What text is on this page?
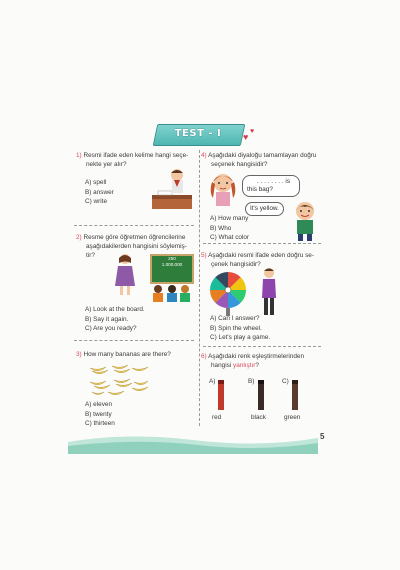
TEST - I	♥
♥
1) Resmi ifade eden kelime hangi seçe-
nekte yer alır?
A) spell
B) answer
C) write
2) Resme göre öğretmen öğrencilerine
aşağıdakilerden hangisini söylemiş-
tir?	250
1.000.000
A) Look at the board.
B) Say it again.
C) Are you ready?
3) How many bananas are there?
A) eleven
B) twenty
C) thirteen
4) Aşağıdaki diyaloğu tamamlayan doğru
seçenek hangisidir?
. . . . . . . . is
this bag?
It's yellow.
A) How many
B) Who
C) What color
5) Aşağıdaki resmi ifade eden doğru se-
çenek hangisidir?
A) Can I answer?
B) Spin the wheel.
C) Let's play a game.
6) Aşağıdaki renk eşleştirmelerinden
hangisi yanlıştır?
A)
red
B)
black
C)
green
5
